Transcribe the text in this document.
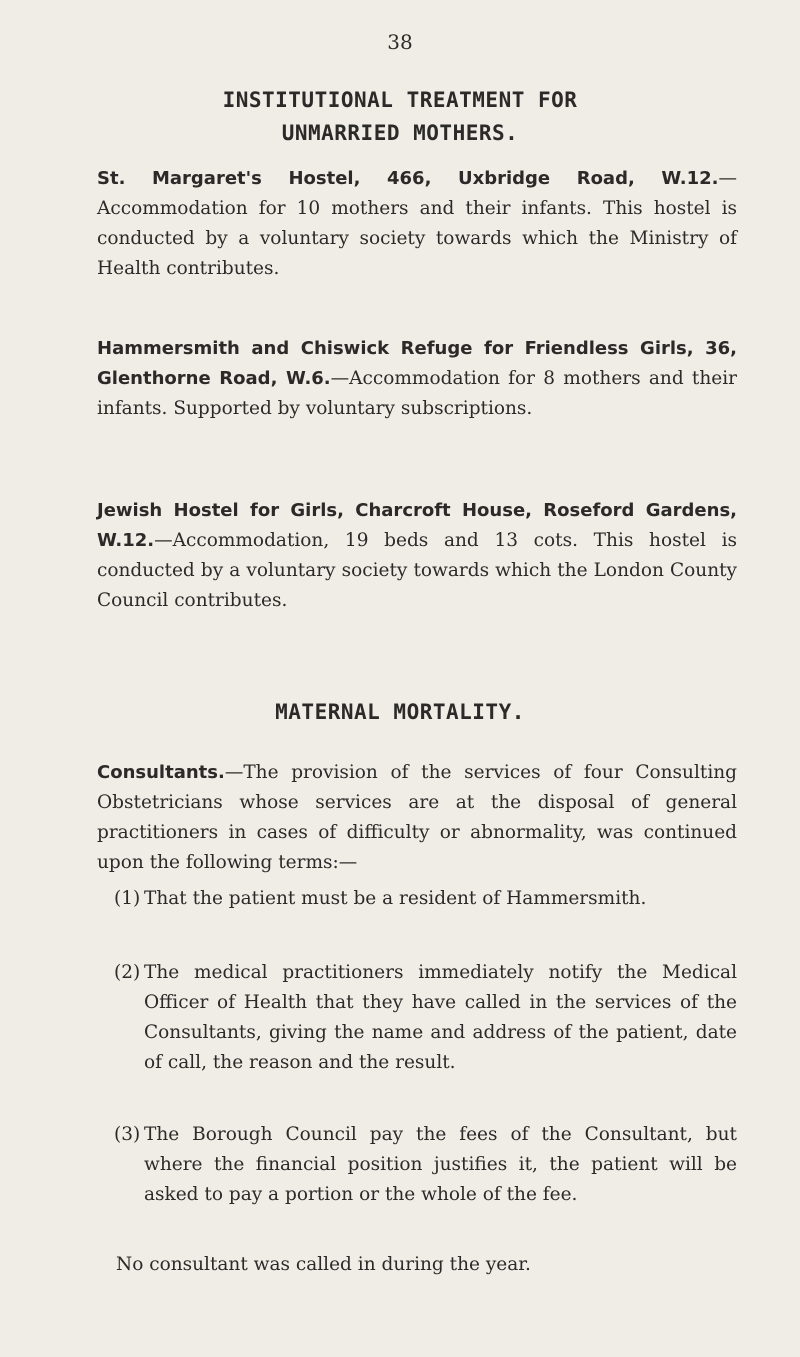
38
INSTITUTIONAL TREATMENT FOR
UNMARRIED MOTHERS.
St. Margaret's Hostel, 466, Uxbridge Road, W.12.—Accommodation for 10 mothers and their infants. This hostel is conducted by a voluntary society towards which the Ministry of Health contributes.
Hammersmith and Chiswick Refuge for Friendless Girls, 36, Glenthorne Road, W.6.—Accommodation for 8 mothers and their infants. Supported by voluntary subscriptions.
Jewish Hostel for Girls, Charcroft House, Roseford Gardens, W.12.—Accommodation, 19 beds and 13 cots. This hostel is conducted by a voluntary society towards which the London County Council contributes.
MATERNAL MORTALITY.
Consultants.—The provision of the services of four Consulting Obstetricians whose services are at the disposal of general practitioners in cases of difficulty or abnormality, was continued upon the following terms:—
(1) That the patient must be a resident of Hammersmith.
(2) The medical practitioners immediately notify the Medical Officer of Health that they have called in the services of the Consultants, giving the name and address of the patient, date of call, the reason and the result.
(3) The Borough Council pay the fees of the Consultant, but where the financial position justifies it, the patient will be asked to pay a portion or the whole of the fee.
No consultant was called in during the year.
